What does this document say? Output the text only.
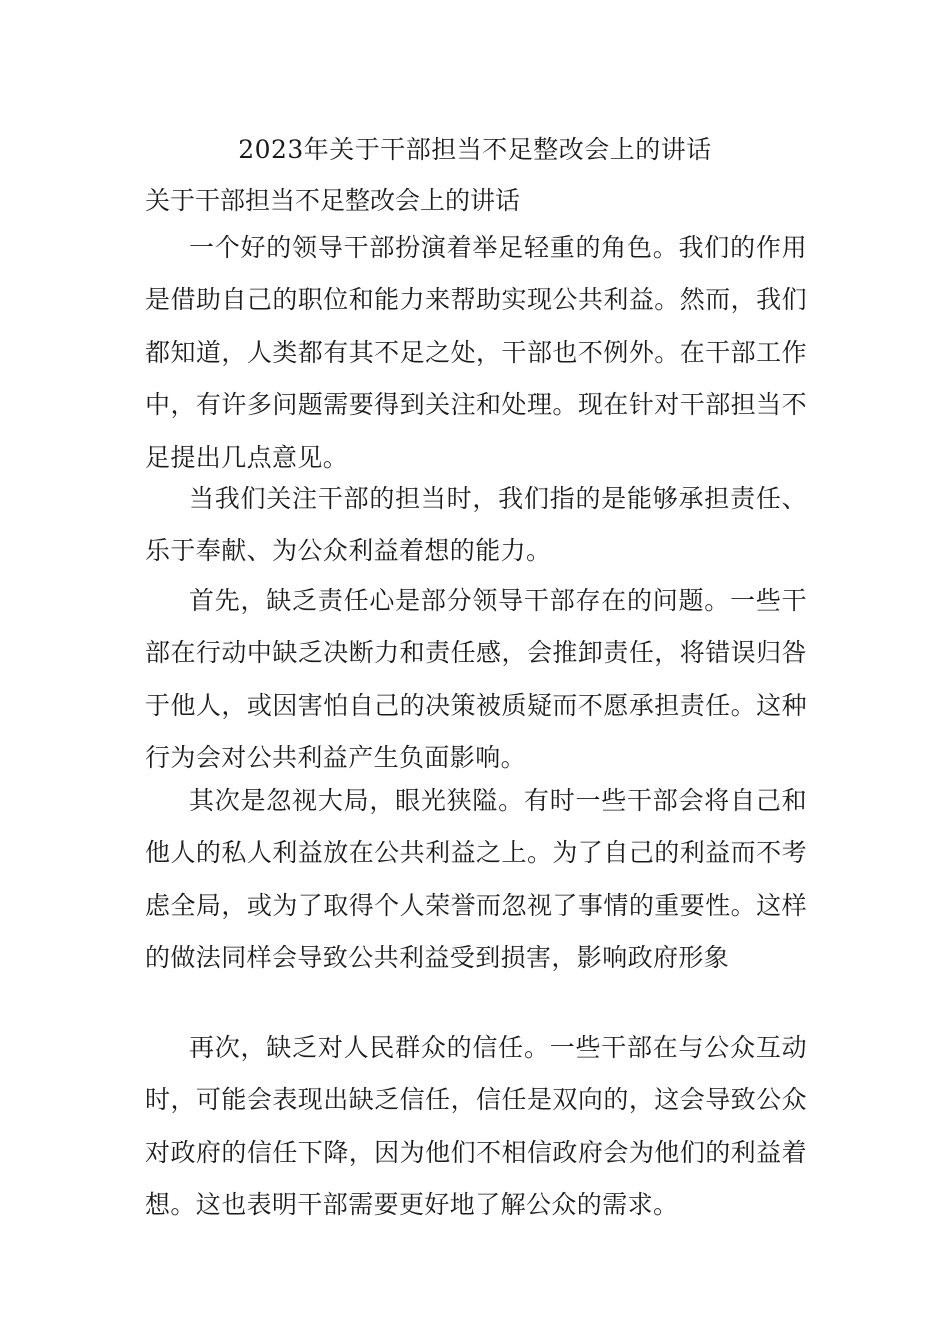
2023年关于干部担当不足整改会上的讲话
关于干部担当不足整改会上的讲话

一个好的领导干部扮演着举足轻重的角色。我们的作用是借助自己的职位和能力来帮助实现公共利益。然而，我们都知道，人类都有其不足之处，干部也不例外。在干部工作中，有许多问题需要得到关注和处理。现在针对干部担当不足提出几点意见。

当我们关注干部的担当时，我们指的是能够承担责任、乐于奉献、为公众利益着想的能力。

首先，缺乏责任心是部分领导干部存在的问题。一些干部在行动中缺乏决断力和责任感，会推卸责任，将错误归咎于他人，或因害怕自己的决策被质疑而不愿承担责任。这种行为会对公共利益产生负面影响。

其次是忽视大局，眼光狭隘。有时一些干部会将自己和他人的私人利益放在公共利益之上。为了自己的利益而不考虑全局，或为了取得个人荣誉而忽视了事情的重要性。这样的做法同样会导致公共利益受到损害，影响政府形象

再次，缺乏对人民群众的信任。一些干部在与公众互动时，可能会表现出缺乏信任，信任是双向的，这会导致公众对政府的信任下降，因为他们不相信政府会为他们的利益着想。这也表明干部需要更好地了解公众的需求。
